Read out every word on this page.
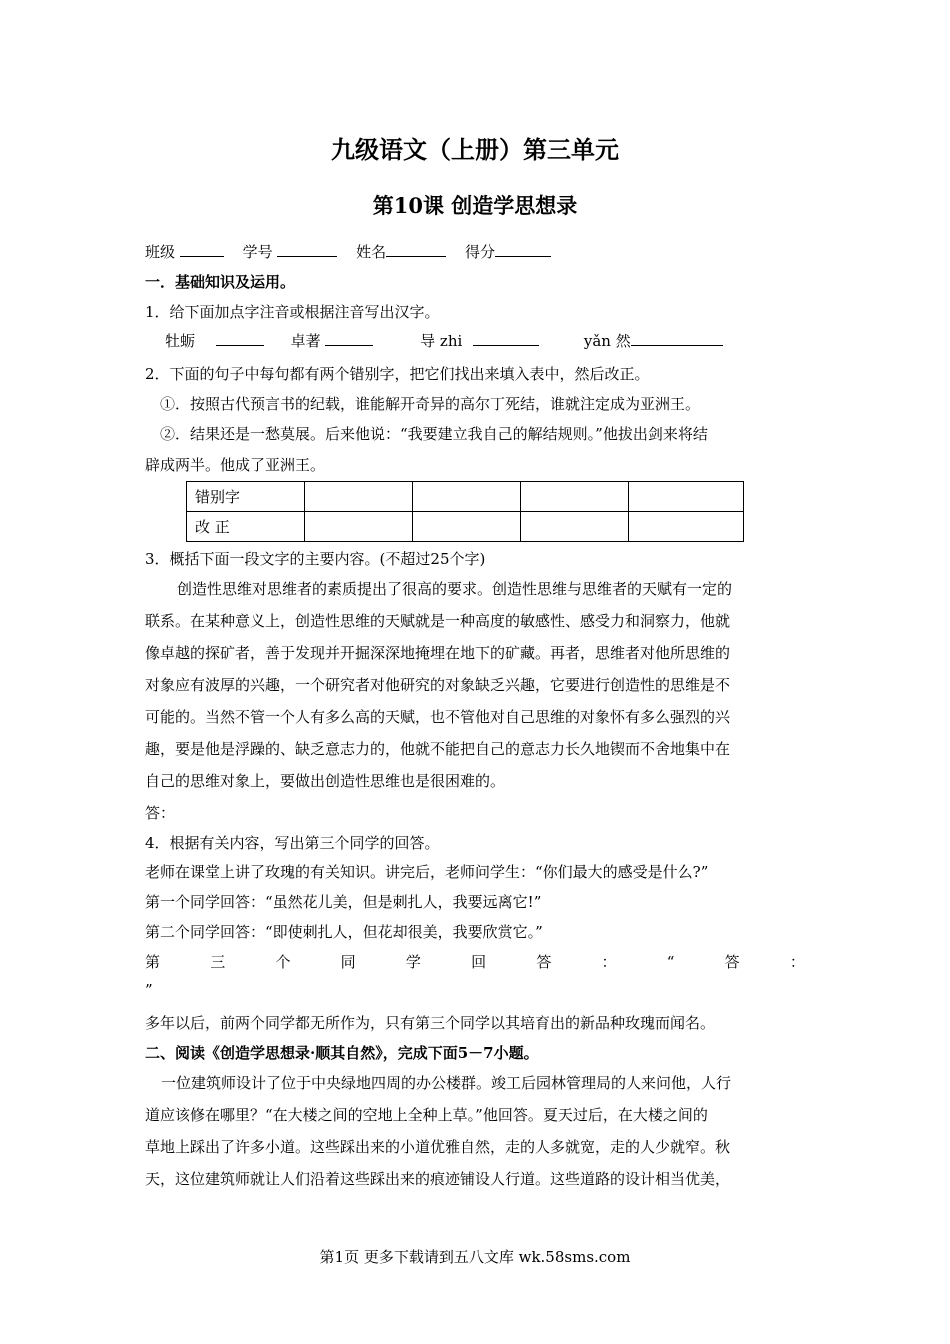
九级语文（上册）第三单元
第10课 创造学思想录
班级	学号	姓名	得分
一．基础知识及运用。
1．给下面加点字注音或根据注音写出汉字。
牡蛎	卓著	导 zhi	yǎn 然
2．下面的句子中每句都有两个错别字，把它们找出来填入表中，然后改正。
①．按照古代预言书的纪载，谁能解开奇异的高尔丁死结，谁就注定成为亚洲王。
②．结果还是一愁莫展。后来他说：“我要建立我自己的解结规则。”他拔出剑来将结
辟成两半。他成了亚洲王。
错别字				
改 正				
3．概括下面一段文字的主要内容。(不超过25个字)
创造性思维对思维者的素质提出了很高的要求。创造性思维与思维者的天赋有一定的
联系。在某种意义上，创造性思维的天赋就是一种高度的敏感性、感受力和洞察力，他就
像卓越的探矿者，善于发现并开掘深深地掩埋在地下的矿藏。再者，思维者对他所思维的
对象应有波厚的兴趣，一个研究者对他研究的对象缺乏兴趣，它要进行创造性的思维是不
可能的。当然不管一个人有多么高的天赋，也不管他对自己思维的对象怀有多么强烈的兴
趣，要是他是浮躁的、缺乏意志力的，他就不能把自己的意志力长久地锲而不舍地集中在
自己的思维对象上，要做出创造性思维也是很困难的。
答：
4．根据有关内容，写出第三个同学的回答。
老师在课堂上讲了玫瑰的有关知识。讲完后，老师问学生：“你们最大的感受是什么?”
第一个同学回答：“虽然花儿美，但是刺扎人，我要远离它!”
第二个同学回答：“即使刺扎人，但花却很美，我要欣赏它。”
第	三	个	同	学	回	答	：	“	答	：
”
多年以后，前两个同学都无所作为，只有第三个同学以其培育出的新品种玫瑰而闻名。
二、阅读《创造学思想录·顺其自然》，完成下面5－7小题。
一位建筑师设计了位于中央绿地四周的办公楼群。竣工后园林管理局的人来问他，人行
道应该修在哪里？“在大楼之间的空地上全种上草。”他回答。夏天过后，在大楼之间的
草地上踩出了许多小道。这些踩出来的小道优雅自然，走的人多就宽，走的人少就窄。秋
天，这位建筑师就让人们沿着这些踩出来的痕迹铺设人行道。这些道路的设计相当优美，
第1页 更多下载请到五八文库 wk.58sms.com
